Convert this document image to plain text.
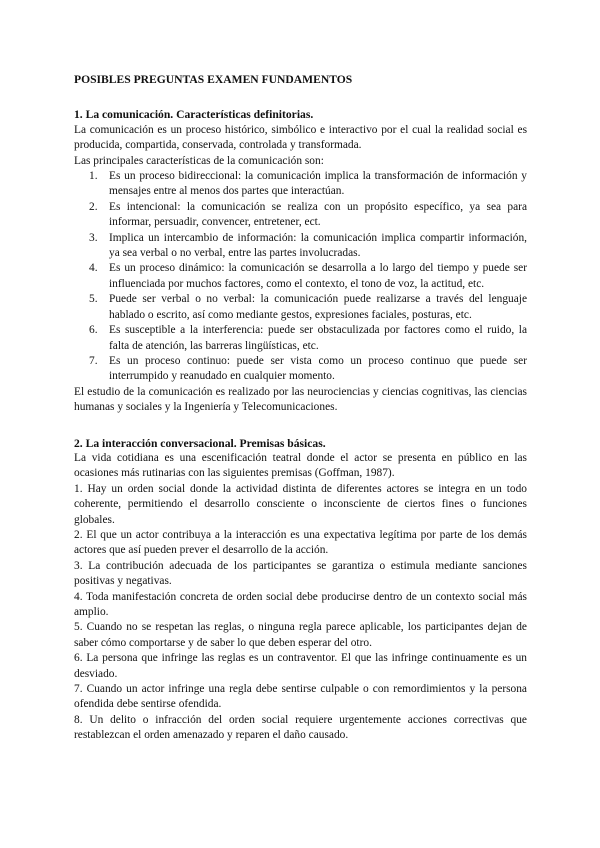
POSIBLES PREGUNTAS EXAMEN FUNDAMENTOS

1. La comunicación. Características definitorias.

La comunicación es un proceso histórico, simbólico e interactivo por el cual la realidad social es producida, compartida, conservada, controlada y transformada.

Las principales características de la comunicación son:

1. Es un proceso bidireccional: la comunicación implica la transformación de información y mensajes entre al menos dos partes que interactúan.
2. Es intencional: la comunicación se realiza con un propósito específico, ya sea para informar, persuadir, convencer, entretener, ect.
3. Implica un intercambio de información: la comunicación implica compartir información, ya sea verbal o no verbal, entre las partes involucradas.
4. Es un proceso dinámico: la comunicación se desarrolla a lo largo del tiempo y puede ser influenciada por muchos factores, como el contexto, el tono de voz, la actitud, etc.
5. Puede ser verbal o no verbal: la comunicación puede realizarse a través del lenguaje hablado o escrito, así como mediante gestos, expresiones faciales, posturas, etc.
6. Es susceptible a la interferencia: puede ser obstaculizada por factores como el ruido, la falta de atención, las barreras lingüísticas, etc.
7. Es un proceso continuo: puede ser vista como un proceso continuo que puede ser interrumpido y reanudado en cualquier momento.

El estudio de la comunicación es realizado por las neurociencias y ciencias cognitivas, las ciencias humanas y sociales y la Ingeniería y Telecomunicaciones.

2. La interacción conversacional. Premisas básicas.

La vida cotidiana es una escenificación teatral donde el actor se presenta en público en las ocasiones más rutinarias con las siguientes premisas (Goffman, 1987).

1. Hay un orden social donde la actividad distinta de diferentes actores se integra en un todo coherente, permitiendo el desarrollo consciente o inconsciente de ciertos fines o funciones globales.

2. El que un actor contribuya a la interacción es una expectativa legítima por parte de los demás actores que así pueden prever el desarrollo de la acción.

3. La contribución adecuada de los participantes se garantiza o estimula mediante sanciones positivas y negativas.

4. Toda manifestación concreta de orden social debe producirse dentro de un contexto social más amplio.

5. Cuando no se respetan las reglas, o ninguna regla parece aplicable, los participantes dejan de saber cómo comportarse y de saber lo que deben esperar del otro.

6. La persona que infringe las reglas es un contraventor. El que las infringe continuamente es un desviado.

7. Cuando un actor infringe una regla debe sentirse culpable o con remordimientos y la persona ofendida debe sentirse ofendida.

8. Un delito o infracción del orden social requiere urgentemente acciones correctivas que restablezcan el orden amenazado y reparen el daño causado.
